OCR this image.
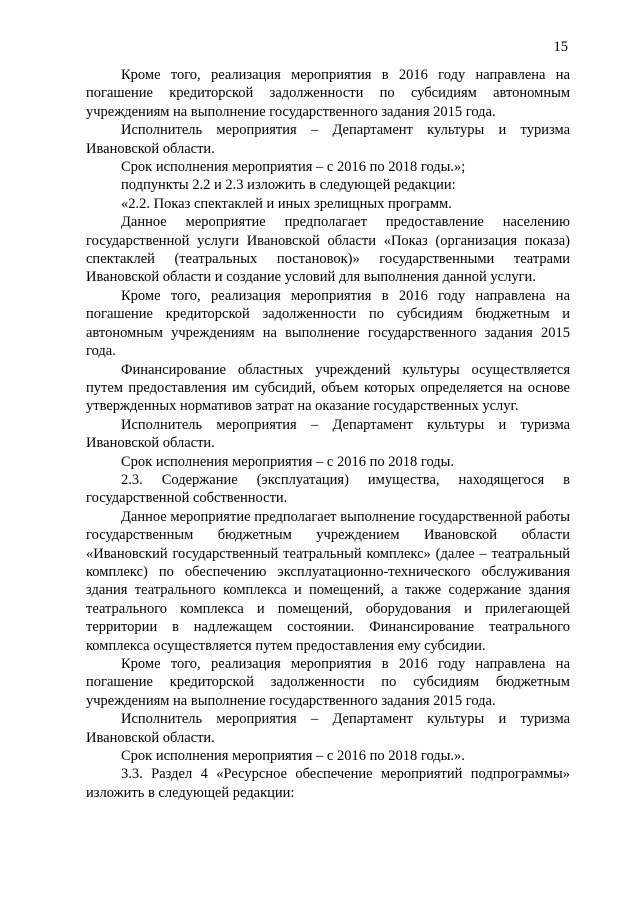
15

Кроме того, реализация мероприятия в 2016 году направлена на погашение кредиторской задолженности по субсидиям автономным учреждениям на выполнение государственного задания 2015 года.

Исполнитель мероприятия – Департамент культуры и туризма Ивановской области.

Срок исполнения мероприятия – с 2016 по 2018 годы.»;

подпункты 2.2 и 2.3 изложить в следующей редакции:

«2.2. Показ спектаклей и иных зрелищных программ.

Данное мероприятие предполагает предоставление населению государственной услуги Ивановской области «Показ (организация показа) спектаклей (театральных постановок)» государственными театрами Ивановской области и создание условий для выполнения данной услуги.

Кроме того, реализация мероприятия в 2016 году направлена на погашение кредиторской задолженности по субсидиям бюджетным и автономным учреждениям на выполнение государственного задания 2015 года.

Финансирование областных учреждений культуры осуществляется путем предоставления им субсидий, объем которых определяется на основе утвержденных нормативов затрат на оказание государственных услуг.

Исполнитель мероприятия – Департамент культуры и туризма Ивановской области.

Срок исполнения мероприятия – с 2016 по 2018 годы.

2.3. Содержание (эксплуатация) имущества, находящегося в государственной собственности.

Данное мероприятие предполагает выполнение государственной работы государственным бюджетным учреждением Ивановской области «Ивановский государственный театральный комплекс» (далее – театральный комплекс) по обеспечению эксплуатационно-технического обслуживания здания театрального комплекса и помещений, а также содержание здания театрального комплекса и помещений, оборудования и прилегающей территории в надлежащем состоянии. Финансирование театрального комплекса осуществляется путем предоставления ему субсидии.

Кроме того, реализация мероприятия в 2016 году направлена на погашение кредиторской задолженности по субсидиям бюджетным учреждениям на выполнение государственного задания 2015 года.

Исполнитель мероприятия – Департамент культуры и туризма Ивановской области.

Срок исполнения мероприятия – с 2016 по 2018 годы.».

3.3. Раздел 4 «Ресурсное обеспечение мероприятий подпрограммы» изложить в следующей редакции:
